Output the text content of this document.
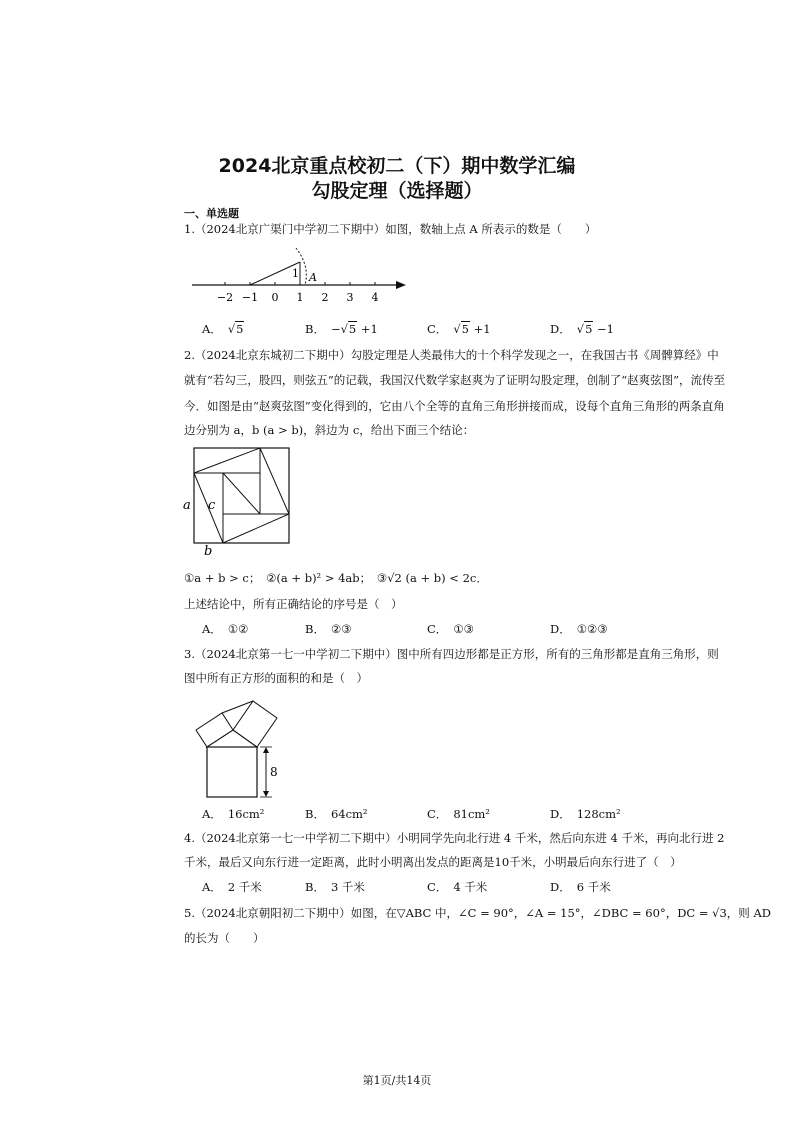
2024北京重点校初二（下）期中数学汇编
勾股定理（选择题）
一、单选题
1.（2024北京广渠门中学初二下期中）如图，数轴上点 A 所表示的数是（　　）
1 A
−2 −1 0 1 2 3 4
A． √5	B． −√5 +1	C． √5 +1	D． √5 −1
2.（2024北京东城初二下期中）勾股定理是人类最伟大的十个科学发现之一，在我国古书《周髀算经》中
就有“若勾三，股四，则弦五”的记载，我国汉代数学家赵爽为了证明勾股定理，创制了“赵爽弦图”，流传至
今．如图是由“赵爽弦图”变化得到的，它由八个全等的直角三角形拼接而成，设每个直角三角形的两条直角
边分别为 a，b (a > b)，斜边为 c，给出下面三个结论：
a c
b
①a + b > c；　②(a + b)² > 4ab；　③√2 (a + b) < 2c．
上述结论中，所有正确结论的序号是（　）
A． ①②	B． ②③	C． ①③	D． ①②③
3.（2024北京第一七一中学初二下期中）图中所有四边形都是正方形，所有的三角形都是直角三角形，则
图中所有正方形的面积的和是（　）
8
A． 16cm²	B． 64cm²	C． 81cm²	D． 128cm²
4.（2024北京第一七一中学初二下期中）小明同学先向北行进 4 千米，然后向东进 4 千米，再向北行进 2
千米，最后又向东行进一定距离，此时小明离出发点的距离是10千米，小明最后向东行进了（　）
A． 2 千米	B． 3 千米	C． 4 千米	D． 6 千米
5.（2024北京朝阳初二下期中）如图，在▽ABC 中，∠C = 90°，∠A = 15°，∠DBC = 60°，DC = √3，则 AD
的长为（　　）
第1页/共14页
